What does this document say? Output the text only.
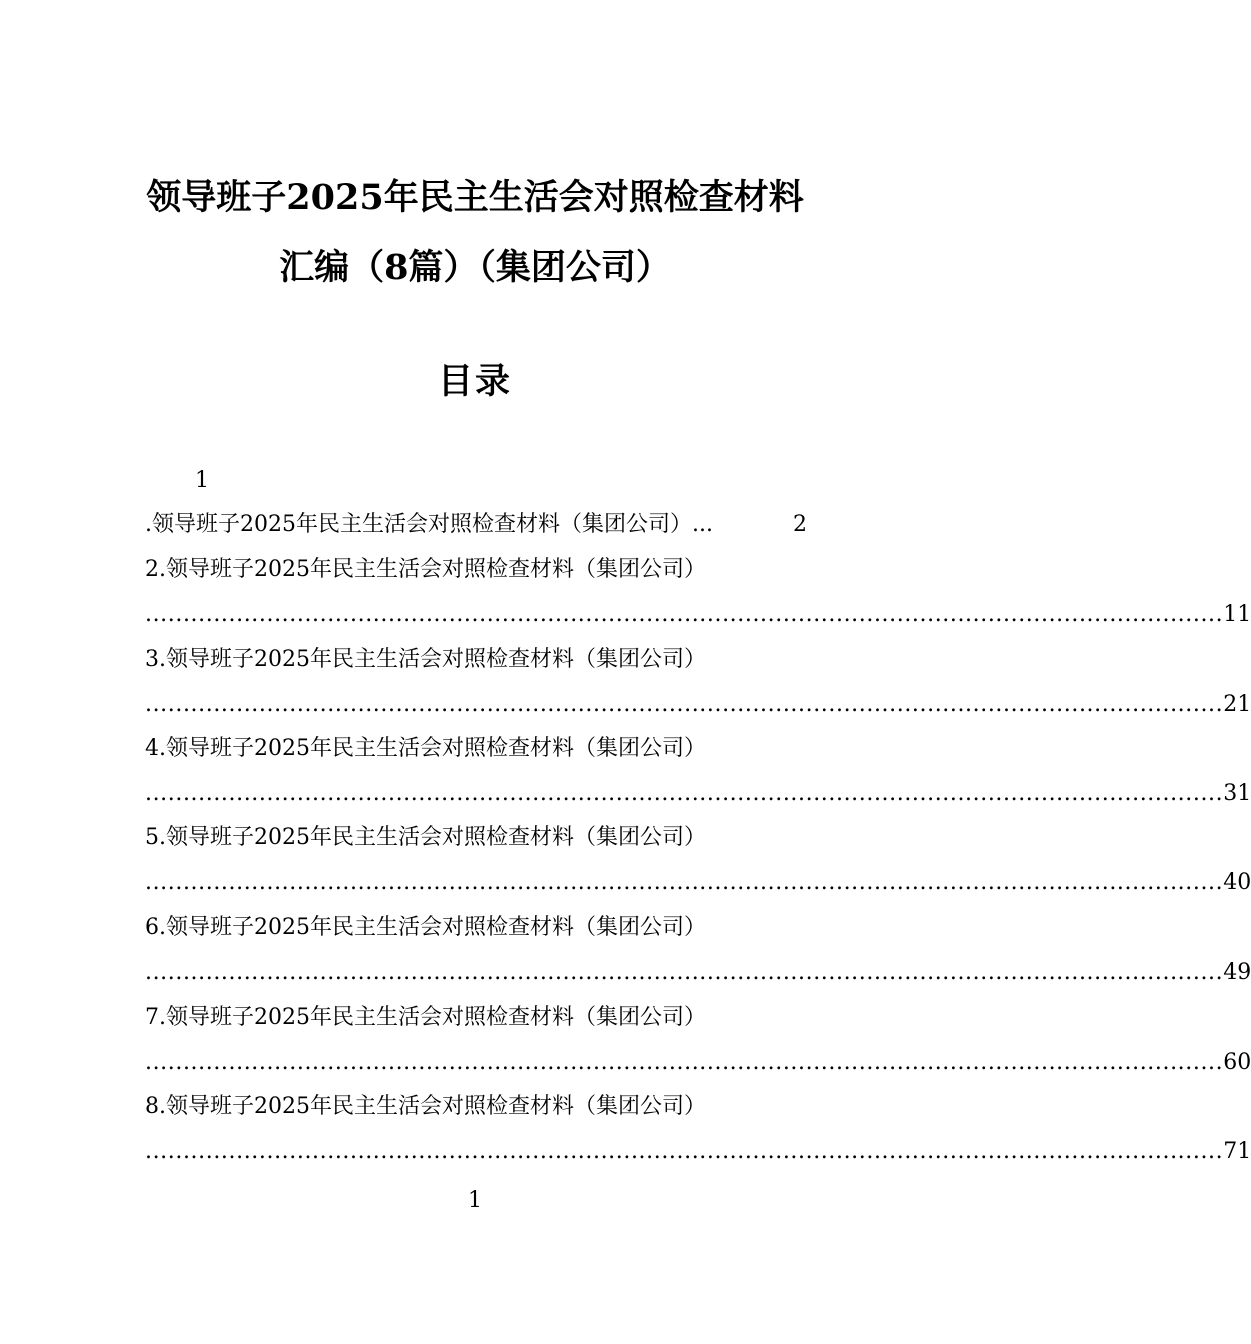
领导班子2025年民主生活会对照检查材料
汇编（8篇）（集团公司）
目录
1
.领导班子2025年民主生活会对照检查材料（集团公司） ...	2
2.领导班子2025年民主生活会对照检查材料（集团公司）
.............................................................................................................................................. 11
3.领导班子2025年民主生活会对照检查材料（集团公司）
.............................................................................................................................................. 21
4.领导班子2025年民主生活会对照检查材料（集团公司）
.............................................................................................................................................. 31
5.领导班子2025年民主生活会对照检查材料（集团公司）
.............................................................................................................................................. 40
6.领导班子2025年民主生活会对照检查材料（集团公司）
.............................................................................................................................................. 49
7.领导班子2025年民主生活会对照检查材料（集团公司）
.............................................................................................................................................. 60
8.领导班子2025年民主生活会对照检查材料（集团公司）
.............................................................................................................................................. 71
1
